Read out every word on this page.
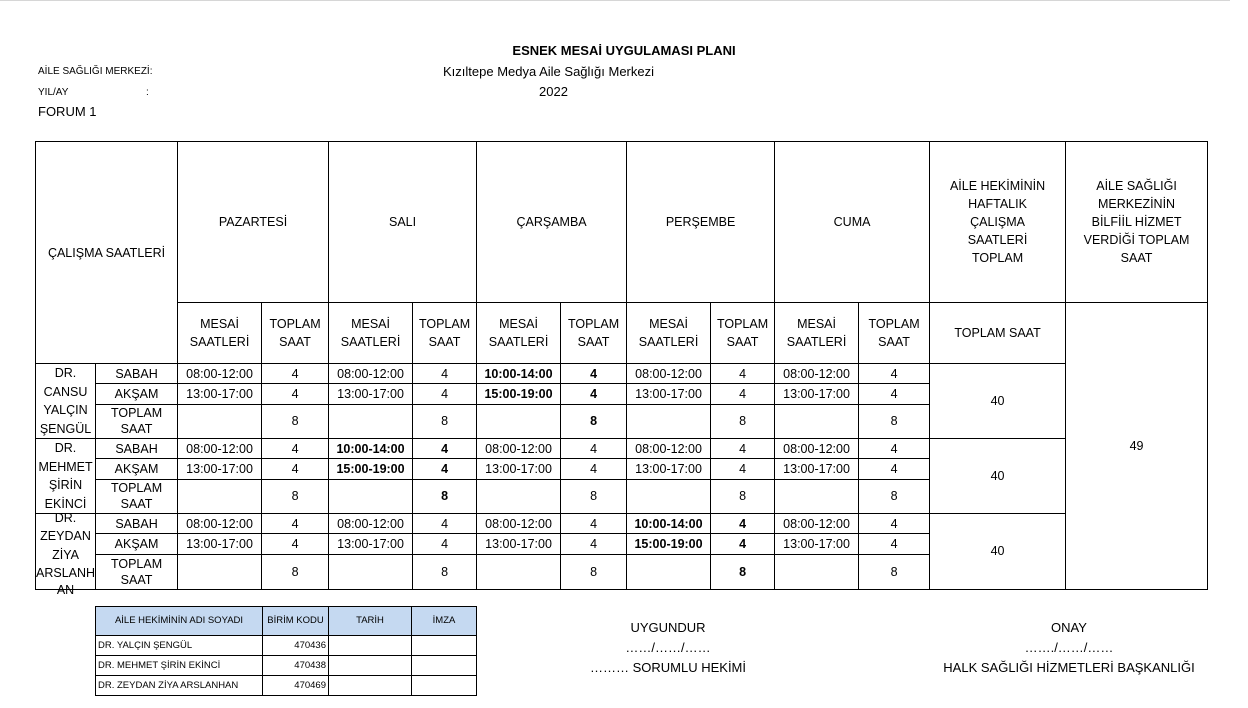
ESNEK MESAİ UYGULAMASI PLANI
AİLE SAĞLIĞI MERKEZİ:	Kızıltepe Medya Aile Sağlığı Merkezi
YIL/AY	:	2022
FORUM 1
ÇALIŞMA SAATLERİ		PAZARTESİ		SALI		ÇARŞAMBA		PERŞEMBE		CUMA		AİLE HEKİMİNİN HAFTALIK ÇALIŞMA SAATLERİ TOPLAM	AİLE SAĞLIĞI MERKEZİNİN BİLFİİL HİZMET VERDİĞİ TOPLAM SAAT
		MESAİ SAATLERİ	TOPLAM SAAT	MESAİ SAATLERİ	TOPLAM SAAT	MESAİ SAATLERİ	TOPLAM SAAT	MESAİ SAATLERİ	TOPLAM SAAT	MESAİ SAATLERİ	TOPLAM SAAT	TOPLAM SAAT	49

DR.
CANSU
YALÇIN
ŞENGÜL	SABAH	08:00-12:00	4	08:00-12:00	4	10:00-14:00	4	08:00-12:00	4	08:00-12:00	4	40	
	AKŞAM	13:00-17:00	4	13:00-17:00	4	15:00-19:00	4	13:00-17:00	4	13:00-17:00	4		
	TOPLAM SAAT		8		8		8		8		8		

DR.
MEHMET
ŞİRİN
EKİNCİ	SABAH	08:00-12:00	4	10:00-14:00	4	08:00-12:00	4	08:00-12:00	4	08:00-12:00	4	40	
	AKŞAM	13:00-17:00	4	15:00-19:00	4	13:00-17:00	4	13:00-17:00	4	13:00-17:00	4		
	TOPLAM SAAT		8		8		8		8		8		

DR.
ZEYDAN
ZİYA
ARSLANH
AN	SABAH	08:00-12:00	4	08:00-12:00	4	08:00-12:00	4	10:00-14:00	4	08:00-12:00	4	40	
	AKŞAM	13:00-17:00	4	13:00-17:00	4	13:00-17:00	4	15:00-19:00	4	13:00-17:00	4		
	TOPLAM SAAT		8		8		8		8		8		
AİLE HEKİMİNİN ADI SOYADI	BİRİM KODU	TARİH	İMZA
DR. YALÇIN ŞENGÜL	470436		
DR. MEHMET ŞİRİN EKİNCİ	470438		
DR. ZEYDAN ZİYA ARSLANHAN	470469		
UYGUNDUR
……/……/……
……… SORUMLU HEKİMİ
ONAY
……./……/……
HALK SAĞLIĞI HİZMETLERİ BAŞKANLIĞI
